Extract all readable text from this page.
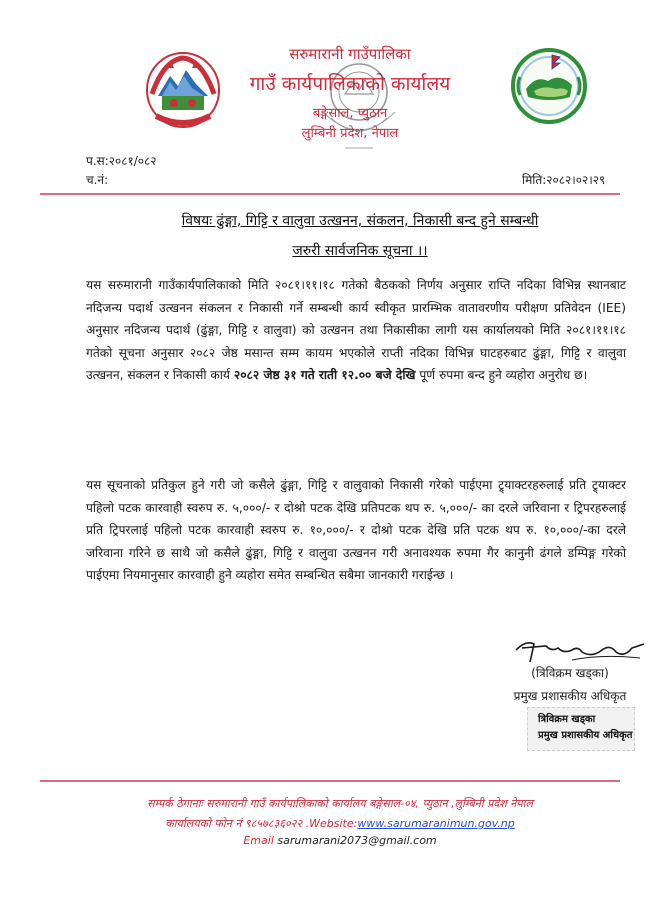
सरुमारानी गाउँपालिका
गाउँ कार्यपालिकाको कार्यालय
बङ्गेसाल, प्युठान
लुम्बिनी प्रदेश, नेपाल
प.स:२०८१/०८२
च.नं:	मिति:२०८२।०२।२९
विषयः ढुंङ्गा, गिट्टि र वालुवा उत्खनन, संकलन, निकासी बन्द हुने सम्बन्धी
जरुरी सार्वजनिक सूचना ।।
यस सरुमारानी गाउँकार्यपालिकाको मिति २०८१।११।१८ गतेको बैठकको निर्णय अनुसार राप्ति नदिका विभिन्न स्थानबाट नदिजन्य पदार्थ उत्खनन संकलन र निकासी गर्ने सम्बन्धी कार्य स्वीकृत प्रारम्भिक वातावरणीय परीक्षण प्रतिवेदन (IEE) अनुसार नदिजन्य पदार्थ (ढुंङ्गा, गिट्टि र वालुवा) को उत्खनन तथा निकासीका लागी यस कार्यालयको मिति २०८१।११।१८ गतेको सूचना अनुसार २०८२ जेष्ठ मसान्त सम्म कायम भएकोले राप्ती नदिका विभिन्न घाटहरुबाट ढुंङ्गा, गिट्टि र वालुवा उत्खनन, संकलन र निकासी कार्य २०८२ जेष्ठ ३१ गते राती १२.०० बजे देखि पूर्ण रुपमा बन्द हुने व्यहोरा अनुरोध छ।
यस सूचनाको प्रतिकुल हुने गरी जो कसैले ढुंङ्गा, गिट्टि र वालुवाको निकासी गरेको पाईएमा ट्र्याक्टरहरुलाई प्रति ट्र्याक्टर पहिलो पटक कारवाही स्वरुप रु. ५,०००/- र दोश्रो पटक देखि प्रतिपटक थप रु. ५,०००/- का दरले जरिवाना र ट्रिपरहरुलाई प्रति ट्रिपरलाई पहिलो पटक कारवाही स्वरुप रु. १०,०००/- र दोश्रो पटक देखि प्रति पटक थप रु. १०,०००/-का दरले जरिवाना गरिने छ साथै जो कसैले ढुंङ्गा, गिट्टि र वालुवा उत्खनन गरी अनावश्यक रुपमा गैर कानुनी ढंगले डम्पिङ्ग गरेको पाईएमा नियमानुसार कारवाही हुने व्यहोरा समेत सम्बन्धित सबैमा जानकारी गराईन्छ ।
(त्रिविक्रम खड्का)
प्रमुख प्रशासकीय अधिकृत
त्रिविक्रम खड्का
प्रमुख प्रशासकीय अधिकृत
सम्पर्क ठेगानाः सरुमारानी गाउँ कार्यपालिकाको कार्यालय बङ्गेसाल-०४, प्युठान ,लुम्बिनी प्रदेश नेपाल
कार्यालयको फोन नं ९८५७८३६०२२ .Website:www.sarumaranimun.gov.np
Email sarumarani2073@gmail.com
